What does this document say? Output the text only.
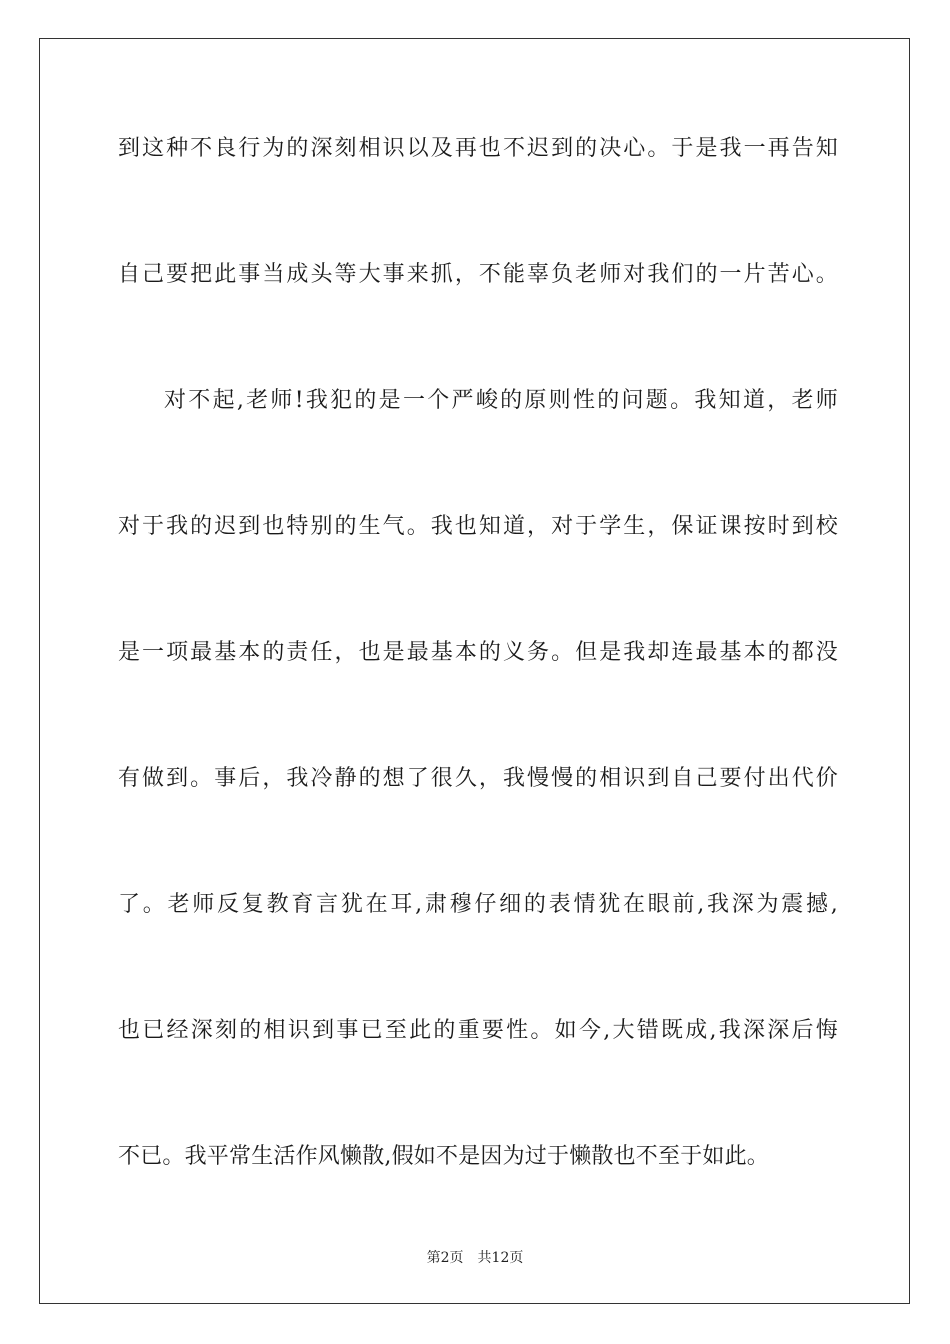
到这种不良行为的深刻相识以及再也不迟到的决心。于是我一再告知
自己要把此事当成头等大事来抓，不能辜负老师对我们的一片苦心。
对不起,老师!我犯的是一个严峻的原则性的问题。我知道，老师
对于我的迟到也特别的生气。我也知道，对于学生，保证课按时到校
是一项最基本的责任，也是最基本的义务。但是我却连最基本的都没
有做到。事后，我冷静的想了很久，我慢慢的相识到自己要付出代价
了。老师反复教育言犹在耳,肃穆仔细的表情犹在眼前,我深为震撼,
也已经深刻的相识到事已至此的重要性。如今,大错既成,我深深后悔
不已。我平常生活作风懒散,假如不是因为过于懒散也不至于如此。
第2页 共12页
